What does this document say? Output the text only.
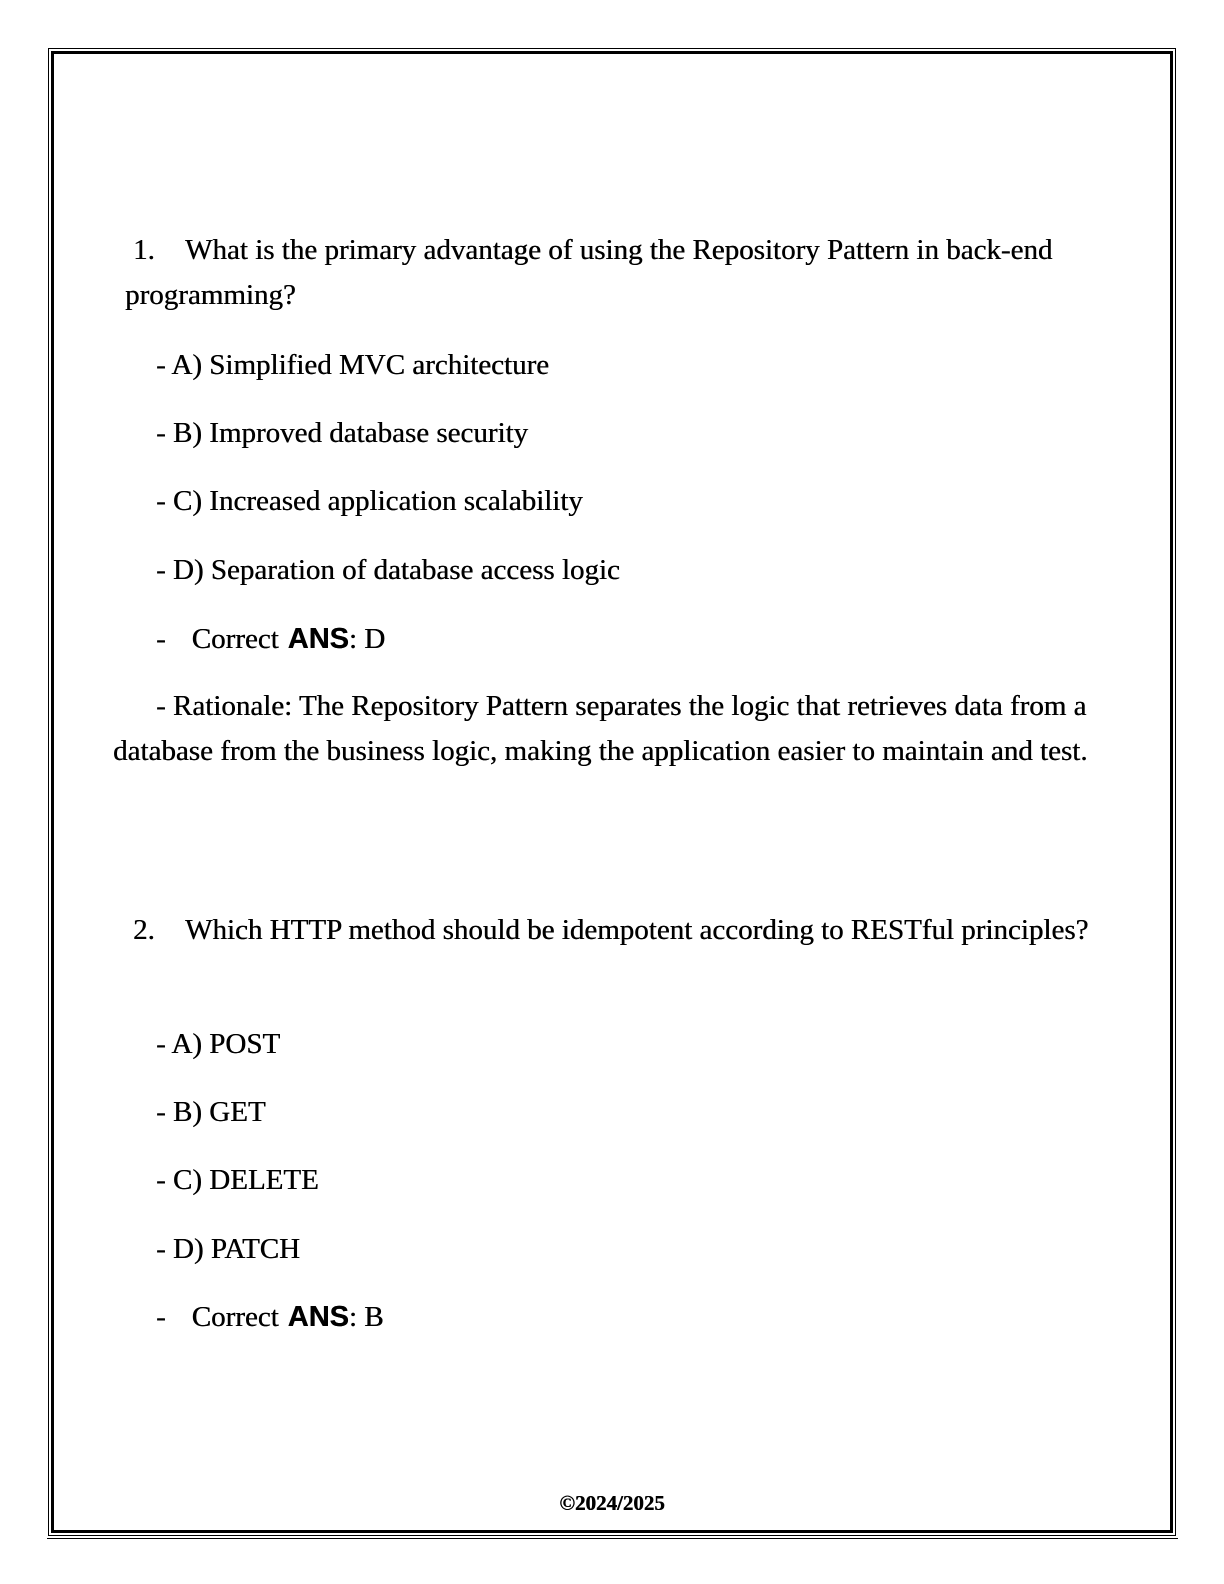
1. What is the primary advantage of using the Repository Pattern in back-end programming?
- A) Simplified MVC architecture
- B) Improved database security
- C) Increased application scalability
- D) Separation of database access logic
- Correct ANS: D
- Rationale: The Repository Pattern separates the logic that retrieves data from a database from the business logic, making the application easier to maintain and test.
2. Which HTTP method should be idempotent according to RESTful principles?
- A) POST
- B) GET
- C) DELETE
- D) PATCH
- Correct ANS: B
©2024/2025
